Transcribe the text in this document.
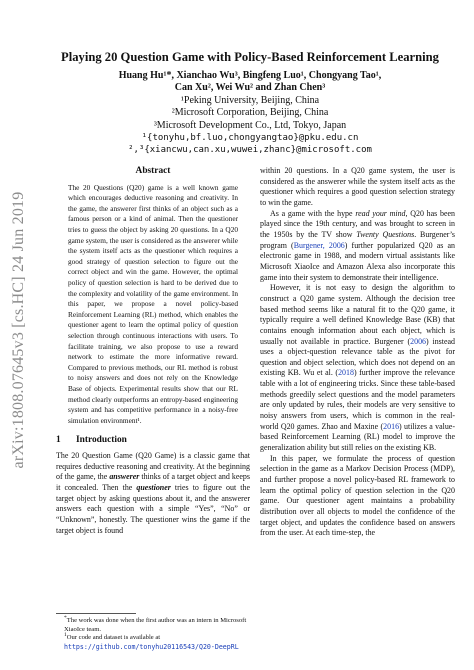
arXiv:1808.07645v3 [cs.HC] 24 Jun 2019
Playing 20 Question Game with Policy-Based Reinforcement Learning
Huang Hu¹*, Xianchao Wu³, Bingfeng Luo¹, Chongyang Tao¹,
Can Xu², Wei Wu² and Zhan Chen³
¹Peking University, Beijing, China
²Microsoft Corporation, Beijing, China
³Microsoft Development Co., Ltd, Tokyo, Japan
¹{tonyhu,bf.luo,chongyangtao}@pku.edu.cn
²,³{xiancwu,can.xu,wuwei,zhanc}@microsoft.com
Abstract

The 20 Questions (Q20) game is a well known game which encourages deductive reasoning and creativity. In the game, the answerer first thinks of an object such as a famous person or a kind of animal. Then the questioner tries to guess the object by asking 20 questions. In a Q20 game system, the user is considered as the answerer while the system itself acts as the questioner which requires a good strategy of question selection to figure out the correct object and win the game. However, the optimal policy of question selection is hard to be derived due to the complexity and volatility of the game environment. In this paper, we propose a novel policy-based Reinforcement Learning (RL) method, which enables the questioner agent to learn the optimal policy of question selection through continuous interactions with users. To facilitate training, we also propose to use a reward network to estimate the more informative reward. Compared to previous methods, our RL method is robust to noisy answers and does not rely on the Knowledge Base of objects. Experimental results show that our RL method clearly outperforms an entropy-based engineering system and has competitive performance in a noisy-free simulation environment¹.

1 Introduction

The 20 Question Game (Q20 Game) is a classic game that requires deductive reasoning and creativity. At the beginning of the game, the answerer thinks of a target object and keeps it concealed. Then the questioner tries to figure out the target object by asking questions about it, and the answerer answers each question with a simple “Yes”, “No” or “Unknown”, honestly. The questioner wins the game if the target object is found

within 20 questions. In a Q20 game system, the user is considered as the answerer while the system itself acts as the questioner which requires a good question selection strategy to win the game.

As a game with the hype read your mind, Q20 has been played since the 19th century, and was brought to screen in the 1950s by the TV show Twenty Questions. Burgener’s program (Burgener, 2006) further popularized Q20 as an electronic game in 1988, and modern virtual assistants like Microsoft XiaoIce and Amazon Alexa also incorporate this game into their system to demonstrate their intelligence.

However, it is not easy to design the algorithm to construct a Q20 game system. Although the decision tree based method seems like a natural fit to the Q20 game, it typically require a well defined Knowledge Base (KB) that contains enough information about each object, which is usually not available in practice. Burgener (2006) instead uses a object-question relevance table as the pivot for question and object selection, which does not depend on an existing KB. Wu et al. (2018) further improve the relevance table with a lot of engineering tricks. Since these table-based methods greedily select questions and the model parameters are only updated by rules, their models are very sensitive to noisy answers from users, which is common in the real-world Q20 games. Zhao and Maxine (2016) utilizes a value-based Reinforcement Learning (RL) model to improve the generalization ability but still relies on the existing KB.

In this paper, we formulate the process of question selection in the game as a Markov Decision Process (MDP), and further propose a novel policy-based RL framework to learn the optimal policy of question selection in the Q20 game. Our questioner agent maintains a probability distribution over all objects to model the confidence of the target object, and updates the confidence based on answers from the user. At each time-step, the

*The work was done when the first author was an intern in Microsoft XiaoIce team.

$^1$Our code and dataset is available at https://github.com/tonyhu20116543/Q20-DeepRL
